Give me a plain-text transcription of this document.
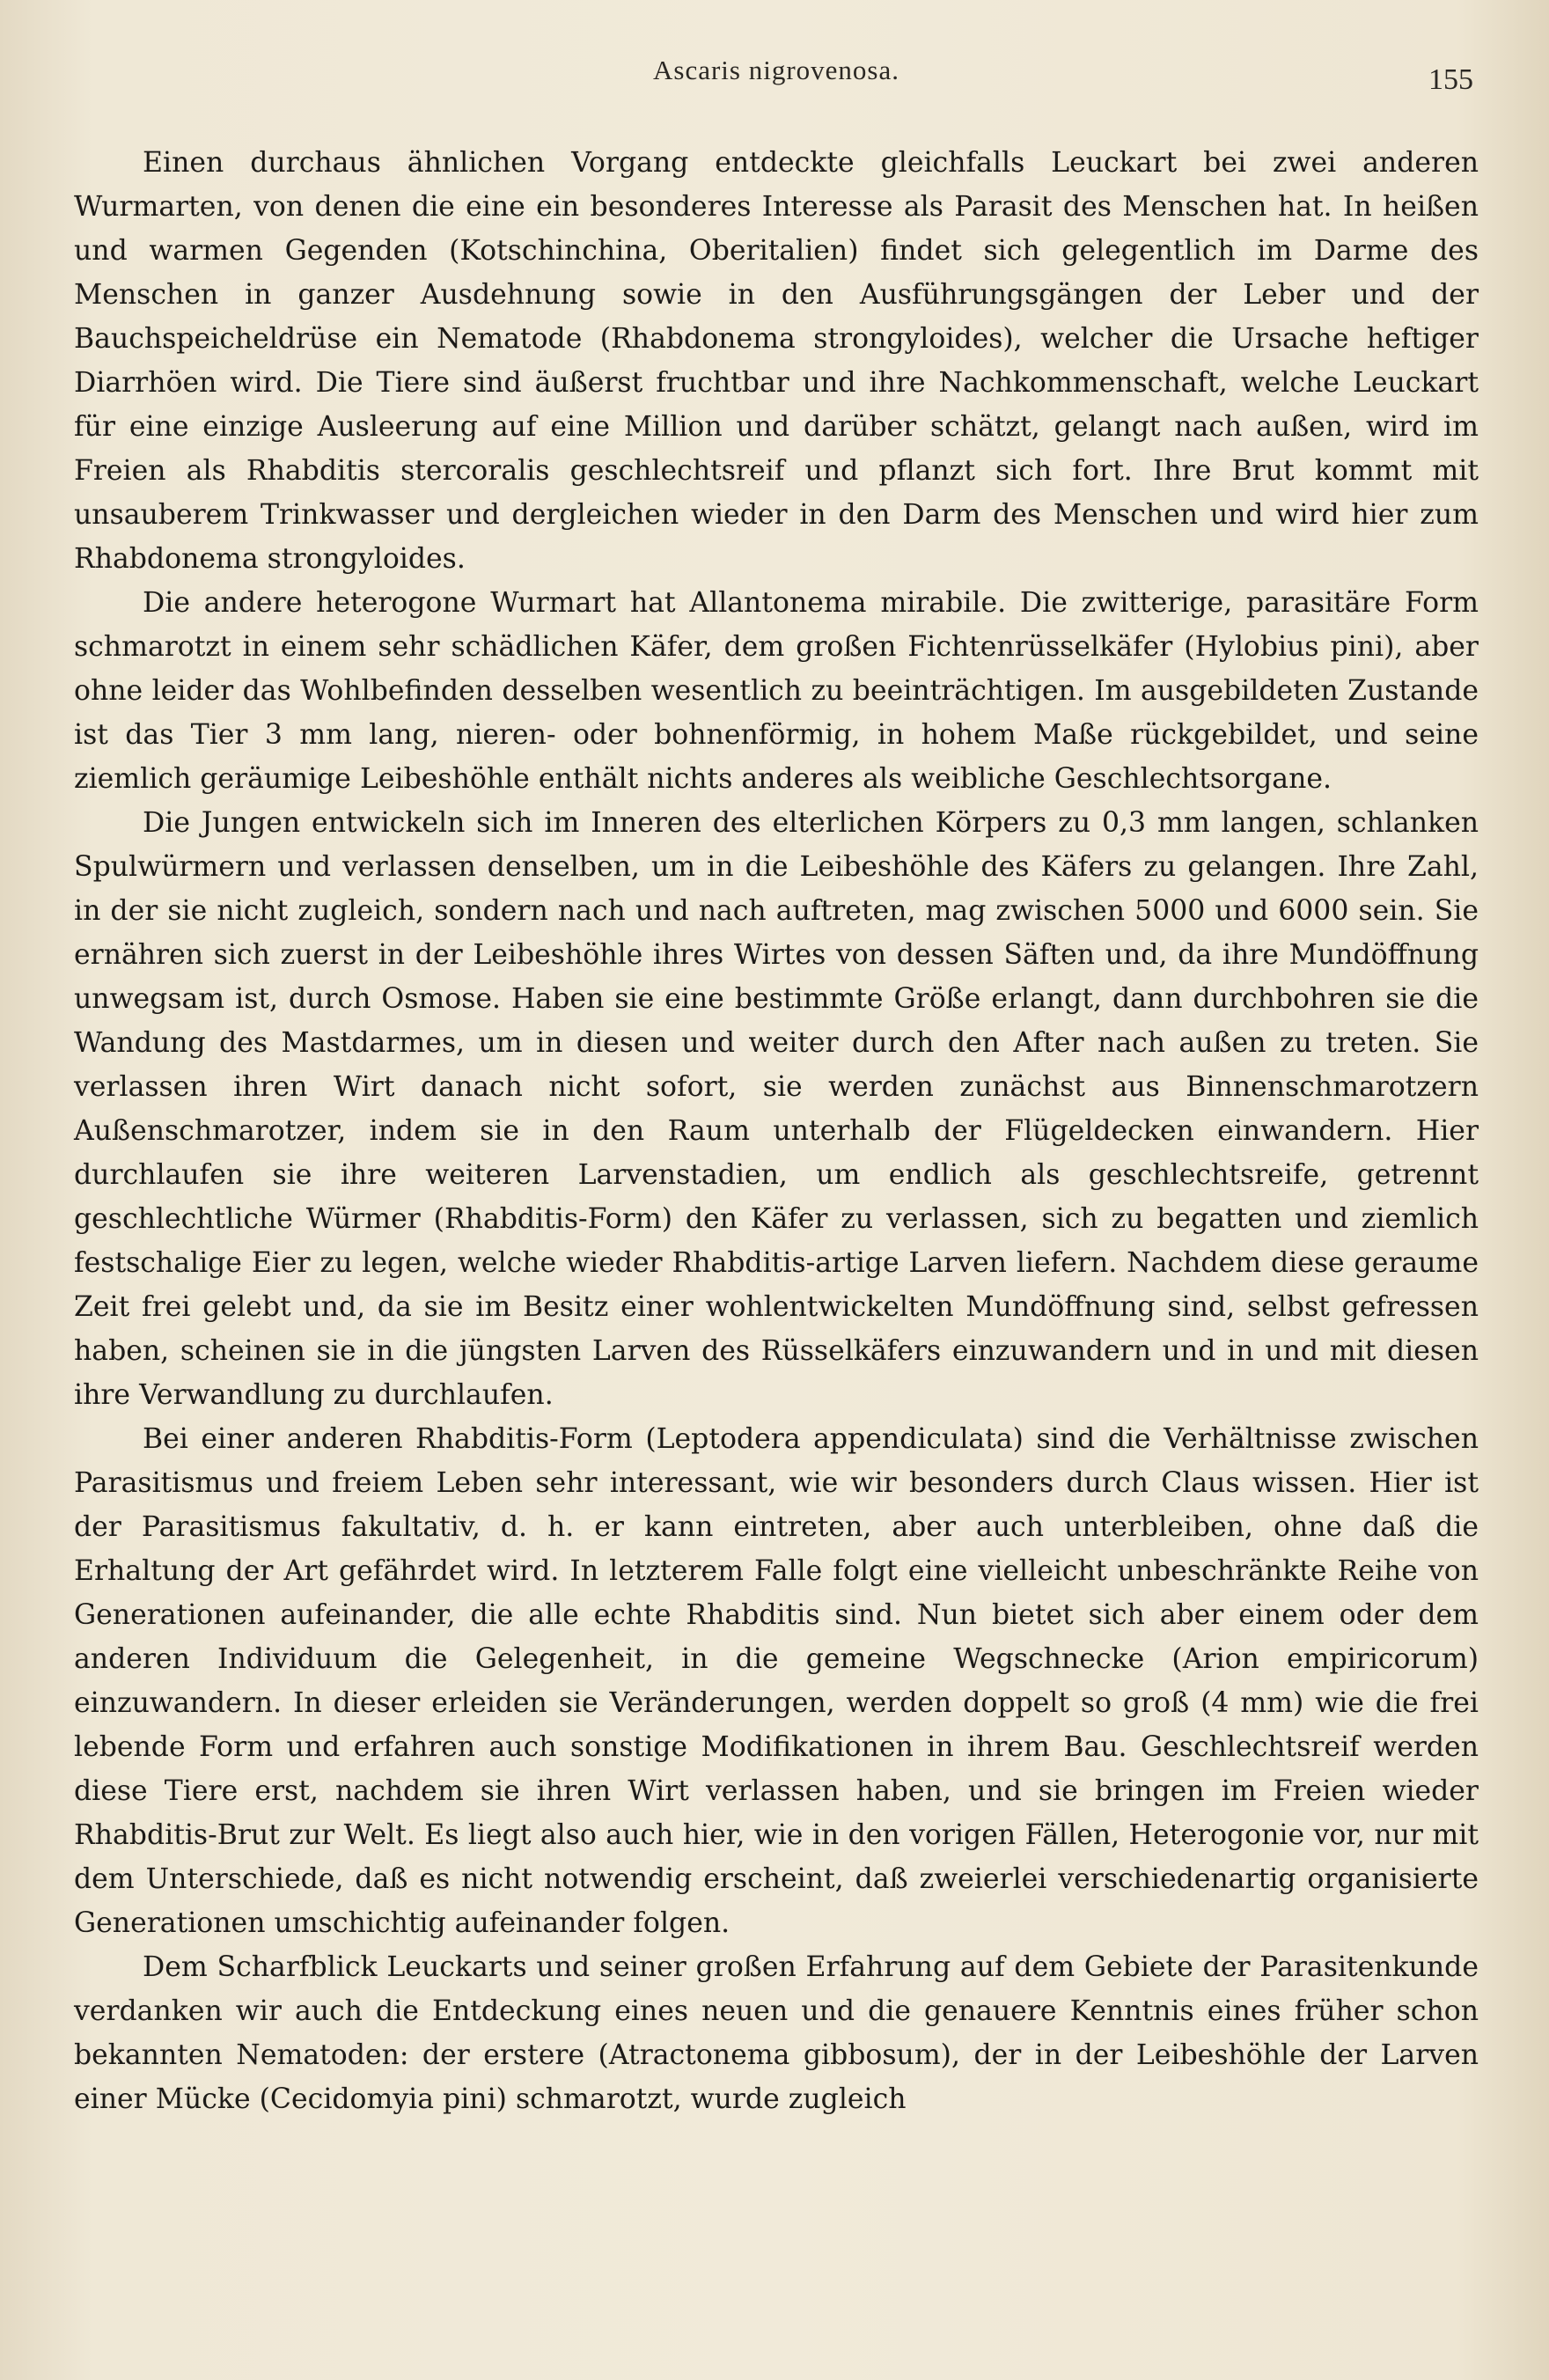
Ascaris nigrovenosa.	155

Einen durchaus ähnlichen Vorgang entdeckte gleichfalls Leuckart bei zwei anderen Wurmarten, von denen die eine ein besonderes Interesse als Parasit des Menschen hat. In heißen und warmen Gegenden (Kotschinchina, Oberitalien) findet sich gelegentlich im Darme des Menschen in ganzer Ausdehnung sowie in den Ausführungsgängen der Leber und der Bauchspeicheldrüse ein Nematode (Rhabdonema strongyloides), welcher die Ursache heftiger Diarrhöen wird. Die Tiere sind äußerst fruchtbar und ihre Nachkommenschaft, welche Leuckart für eine einzige Ausleerung auf eine Million und darüber schätzt, gelangt nach außen, wird im Freien als Rhabditis stercoralis geschlechtsreif und pflanzt sich fort. Ihre Brut kommt mit unsauberem Trinkwasser und dergleichen wieder in den Darm des Menschen und wird hier zum Rhabdonema strongyloides.

Die andere heterogone Wurmart hat Allantonema mirabile. Die zwitterige, parasitäre Form schmarotzt in einem sehr schädlichen Käfer, dem großen Fichtenrüsselkäfer (Hylobius pini), aber ohne leider das Wohlbefinden desselben wesentlich zu beeinträchtigen. Im ausgebildeten Zustande ist das Tier 3 mm lang, nieren- oder bohnenförmig, in hohem Maße rückgebildet, und seine ziemlich geräumige Leibeshöhle enthält nichts anderes als weibliche Geschlechtsorgane.

Die Jungen entwickeln sich im Inneren des elterlichen Körpers zu 0,3 mm langen, schlanken Spulwürmern und verlassen denselben, um in die Leibeshöhle des Käfers zu gelangen. Ihre Zahl, in der sie nicht zugleich, sondern nach und nach auftreten, mag zwischen 5000 und 6000 sein. Sie ernähren sich zuerst in der Leibeshöhle ihres Wirtes von dessen Säften und, da ihre Mundöffnung unwegsam ist, durch Osmose. Haben sie eine bestimmte Größe erlangt, dann durchbohren sie die Wandung des Mastdarmes, um in diesen und weiter durch den After nach außen zu treten. Sie verlassen ihren Wirt danach nicht sofort, sie werden zunächst aus Binnenschmarotzern Außenschmarotzer, indem sie in den Raum unterhalb der Flügeldecken einwandern. Hier durchlaufen sie ihre weiteren Larvenstadien, um endlich als geschlechtsreife, getrennt geschlechtliche Würmer (Rhabditis-Form) den Käfer zu verlassen, sich zu begatten und ziemlich festschalige Eier zu legen, welche wieder Rhabditis-artige Larven liefern. Nachdem diese geraume Zeit frei gelebt und, da sie im Besitz einer wohlentwickelten Mundöffnung sind, selbst gefressen haben, scheinen sie in die jüngsten Larven des Rüsselkäfers einzuwandern und in und mit diesen ihre Verwandlung zu durchlaufen.

Bei einer anderen Rhabditis-Form (Leptodera appendiculata) sind die Verhältnisse zwischen Parasitismus und freiem Leben sehr interessant, wie wir besonders durch Claus wissen. Hier ist der Parasitismus fakultativ, d. h. er kann eintreten, aber auch unterbleiben, ohne daß die Erhaltung der Art gefährdet wird. In letzterem Falle folgt eine vielleicht unbeschränkte Reihe von Generationen aufeinander, die alle echte Rhabditis sind. Nun bietet sich aber einem oder dem anderen Individuum die Gelegenheit, in die gemeine Wegschnecke (Arion empiricorum) einzuwandern. In dieser erleiden sie Veränderungen, werden doppelt so groß (4 mm) wie die frei lebende Form und erfahren auch sonstige Modifikationen in ihrem Bau. Geschlechtsreif werden diese Tiere erst, nachdem sie ihren Wirt verlassen haben, und sie bringen im Freien wieder Rhabditis-Brut zur Welt. Es liegt also auch hier, wie in den vorigen Fällen, Heterogonie vor, nur mit dem Unterschiede, daß es nicht notwendig erscheint, daß zweierlei verschiedenartig organisierte Generationen umschichtig aufeinander folgen.

Dem Scharfblick Leuckarts und seiner großen Erfahrung auf dem Gebiete der Parasitenkunde verdanken wir auch die Entdeckung eines neuen und die genauere Kenntnis eines früher schon bekannten Nematoden: der erstere (Atractonema gibbosum), der in der Leibeshöhle der Larven einer Mücke (Cecidomyia pini) schmarotzt, wurde zugleich
